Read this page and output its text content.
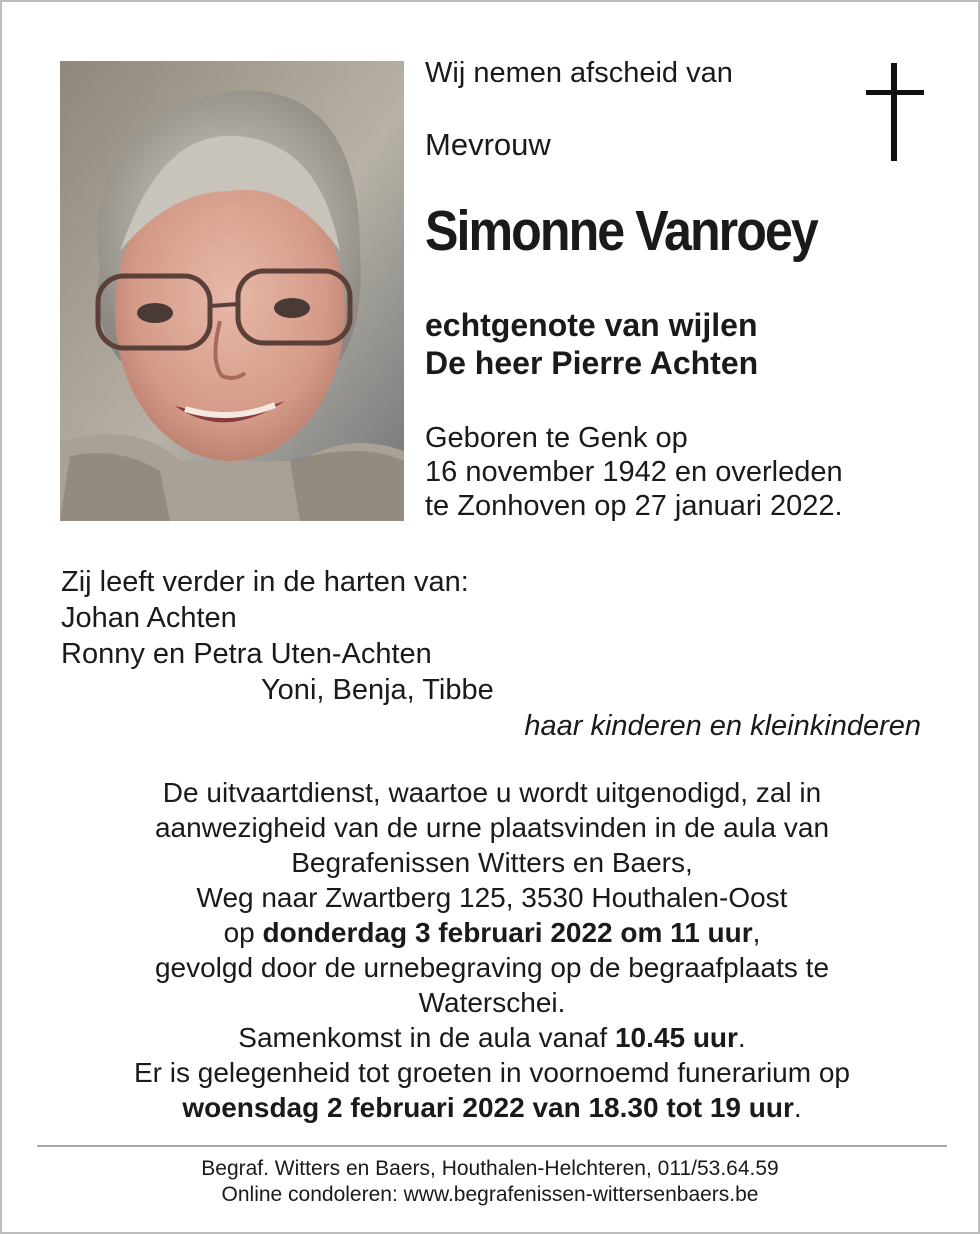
Wij nemen afscheid van
Mevrouw
Simonne Vanroey
echtgenote van wijlen
De heer Pierre Achten
Geboren te Genk op
16 november 1942 en overleden
te Zonhoven op 27 januari 2022.
Zij leeft verder in de harten van:
Johan Achten
Ronny en Petra Uten-Achten
Yoni, Benja, Tibbe
haar kinderen en kleinkinderen
De uitvaartdienst, waartoe u wordt uitgenodigd, zal in
aanwezigheid van de urne plaatsvinden in de aula van
Begrafenissen Witters en Baers,
Weg naar Zwartberg 125, 3530 Houthalen-Oost
op donderdag 3 februari 2022 om 11 uur,
gevolgd door de urnebegraving op de begraafplaats te
Waterschei.
Samenkomst in de aula vanaf 10.45 uur.
Er is gelegenheid tot groeten in voornoemd funerarium op
woensdag 2 februari 2022 van 18.30 tot 19 uur.
Begraf. Witters en Baers, Houthalen-Helchteren, 011/53.64.59
Online condoleren: www.begrafenissen-wittersenbaers.be
